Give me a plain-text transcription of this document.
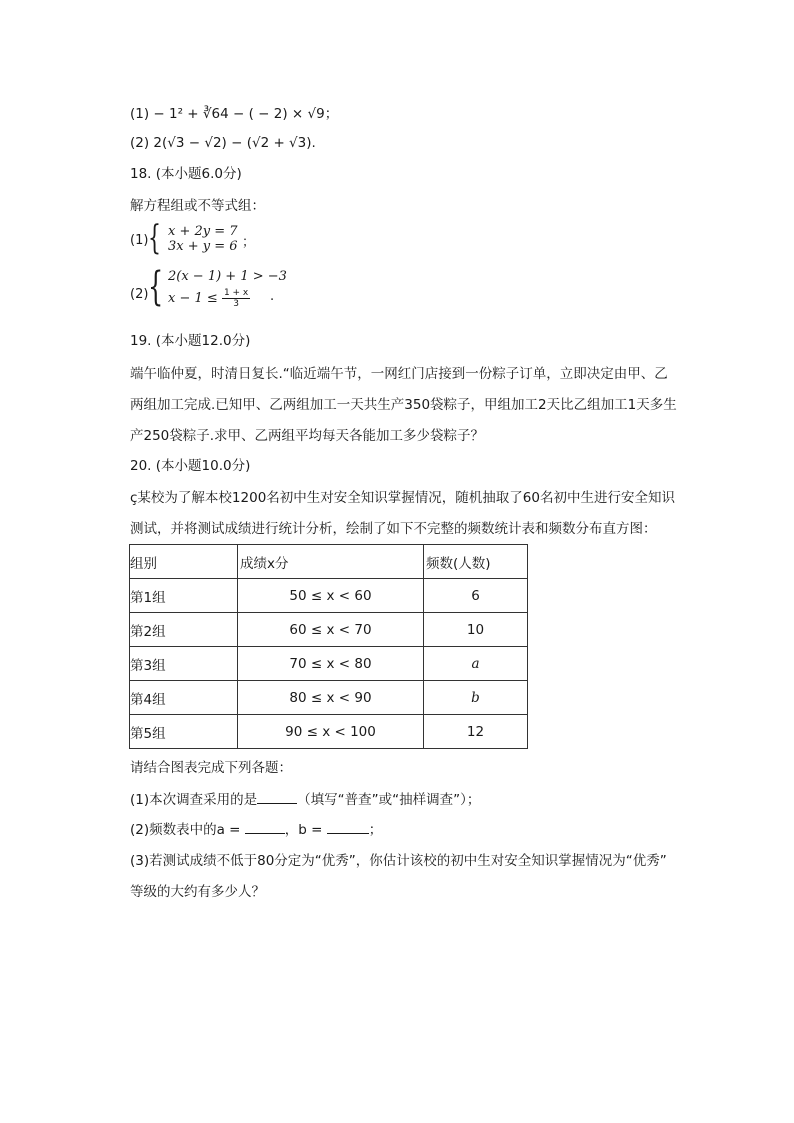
(1) − 1² + ∛64 − ( − 2) × √9；
(2) 2(√3 − √2) − (√2 + √3).
18. (本小题6.0分)
解方程组或不等式组：
(1) { x + 2y = 7
3x + y = 6 ；
(2) { 2(x − 1) + 1 > −3
$x - 1 \le \frac{1 + x}{3}$ .
19. (本小题12.0分)
端午临仲夏，时清日复长.“临近端午节，一网红门店接到一份粽子订单，立即决定由甲、乙
两组加工完成.已知甲、乙两组加工一天共生产350袋粽子，甲组加工2天比乙组加工1天多生
产250袋粽子.求甲、乙两组平均每天各能加工多少袋粽子？
20. (本小题10.0分)
ç某校为了解本校1200名初中生对安全知识掌握情况，随机抽取了60名初中生进行安全知识
测试，并将测试成绩进行统计分析，绘制了如下不完整的频数统计表和频数分布直方图：
组别	成绩x分	频数(人数)
第1组	50 ≤ x < 60	6
第2组	60 ≤ x < 70	10
第3组	70 ≤ x < 80	a
第4组	80 ≤ x < 90	b
第5组	90 ≤ x < 100	12
请结合图表完成下列各题：
(1)本次调查采用的是	（填写“普查”或“抽样调查”）；
(2)频数表中的a =	，b =	；
(3)若测试成绩不低于80分定为“优秀”，你估计该校的初中生对安全知识掌握情况为“优秀”
等级的大约有多少人？
